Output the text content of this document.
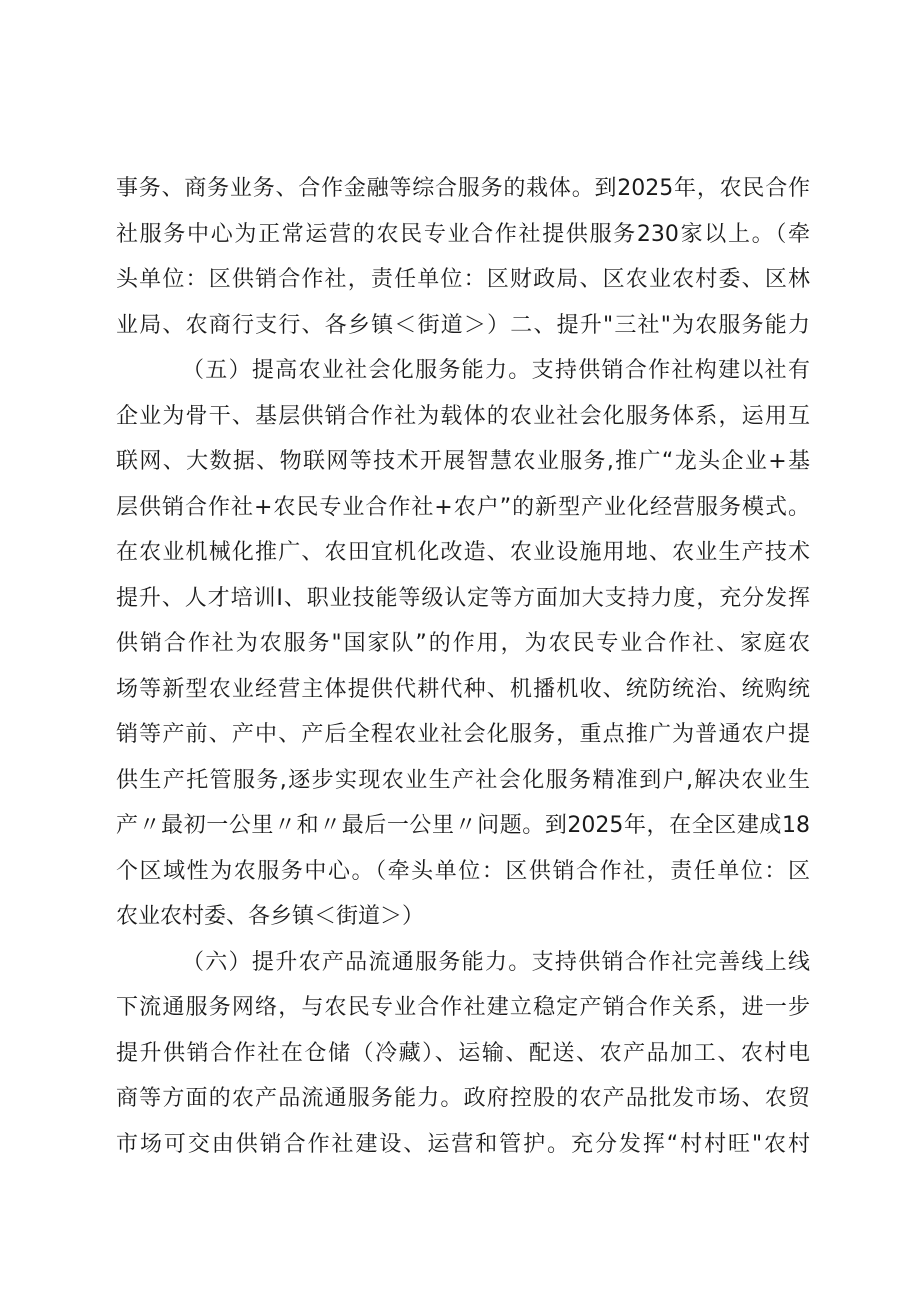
事务、商务业务、合作金融等综合服务的栽体。到2025年，农民合作
社服务中心为正常运营的农民专业合作社提供服务230家以上。（牵
头单位：区供销合作社，责任单位：区财政局、区农业农村委、区林
业局、农商行支行、各乡镇＜街道＞）二、提升"三社"为农服务能力
（五）提高农业社会化服务能力。支持供销合作社构建以社有
企业为骨干、基层供销合作社为载体的农业社会化服务体系，运用互
联网、大数据、物联网等技术开展智慧农业服务,推广“龙头企业+基
层供销合作社+农民专业合作社+农户”的新型产业化经营服务模式。
在农业机械化推广、农田宜机化改造、农业设施用地、农业生产技术
提升、人才培训I、职业技能等级认定等方面加大支持力度，充分发挥
供销合作社为农服务"国家队”的作用，为农民专业合作社、家庭农
场等新型农业经营主体提供代耕代种、机播机收、统防统治、统购统
销等产前、产中、产后全程农业社会化服务，重点推广为普通农户提
供生产托管服务,逐步实现农业生产社会化服务精准到户,解决农业生
产〃最初一公里〃和〃最后一公里〃问题。到2025年，在全区建成18
个区域性为农服务中心。（牵头单位：区供销合作社，责任单位：区
农业农村委、各乡镇＜街道＞）
（六）提升农产品流通服务能力。支持供销合作社完善线上线
下流通服务网络，与农民专业合作社建立稳定产销合作关系，进一步
提升供销合作社在仓储（冷藏）、运输、配送、农产品加工、农村电
商等方面的农产品流通服务能力。政府控股的农产品批发市场、农贸
市场可交由供销合作社建设、运营和管护。充分发挥“村村旺"农村
